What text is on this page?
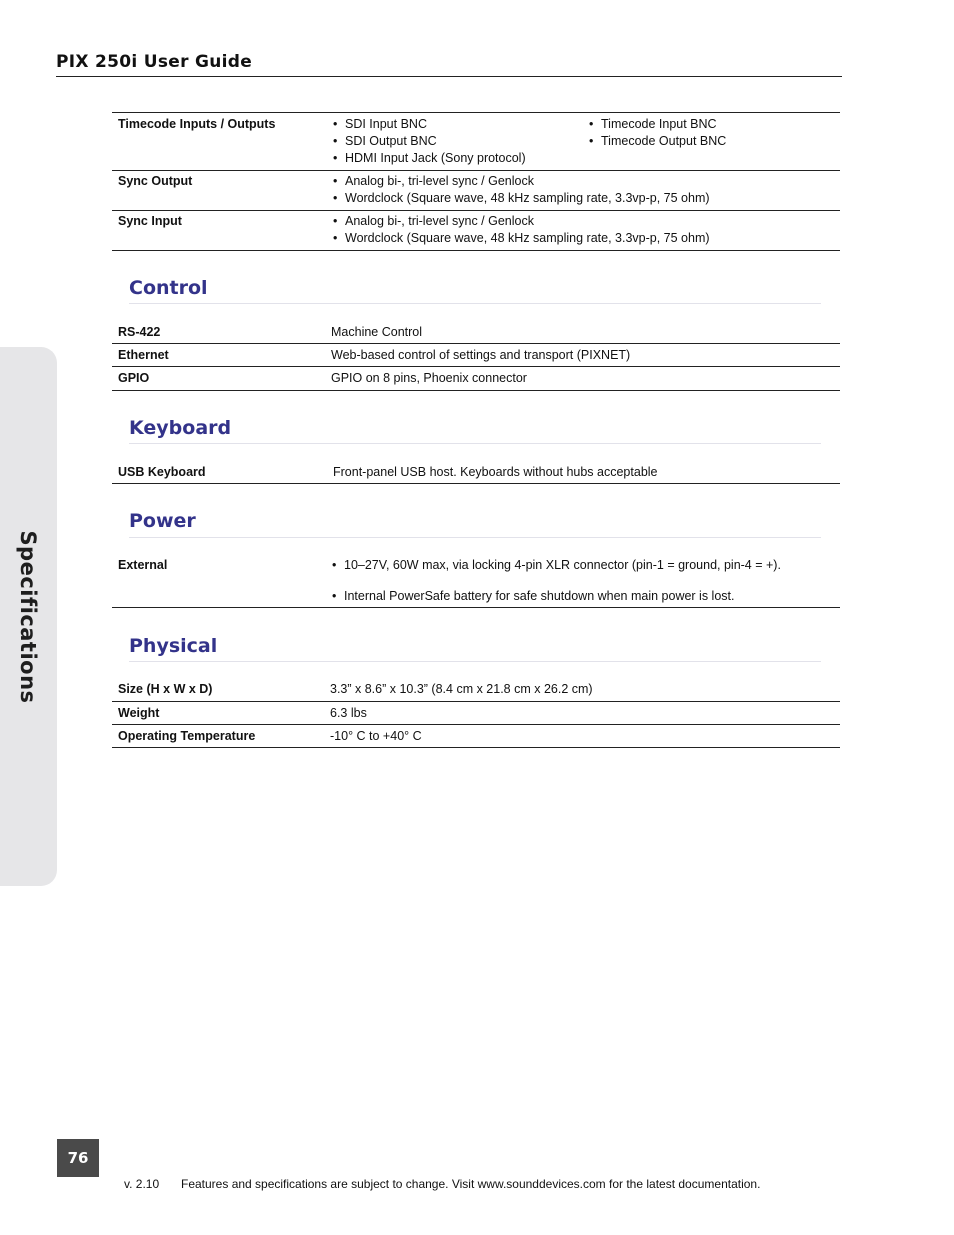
PIX 250i User Guide
Specifications
Timecode Inputs / Outputs	• SDI Input BNC
• SDI Output BNC
• HDMI Input Jack (Sony protocol)
• Timecode Input BNC
• Timecode Output BNC
Sync Output	• Analog bi-, tri-level sync / Genlock
• Wordclock (Square wave, 48 kHz sampling rate, 3.3vp-p, 75 ohm)
Sync Input	• Analog bi-, tri-level sync / Genlock
• Wordclock (Square wave, 48 kHz sampling rate, 3.3vp-p, 75 ohm)
Control
RS-422	Machine Control
Ethernet	Web-based control of settings and transport (PIXNET)
GPIO	GPIO on 8 pins, Phoenix connector
Keyboard
USB Keyboard	Front-panel USB host. Keyboards without hubs acceptable
Power
External	• 10–27V, 60W max, via locking 4-pin XLR connector (pin-1 = ground, pin-4 = +).
• Internal PowerSafe battery for safe shutdown when main power is lost.
Physical
Size (H x W x D)	3.3” x 8.6” x 10.3” (8.4 cm x 21.8 cm x 26.2 cm)
Weight	6.3 lbs
Operating Temperature	-10° C to +40° C
76
v. 2.10 Features and specifications are subject to change. Visit www.sounddevices.com for the latest documentation.
